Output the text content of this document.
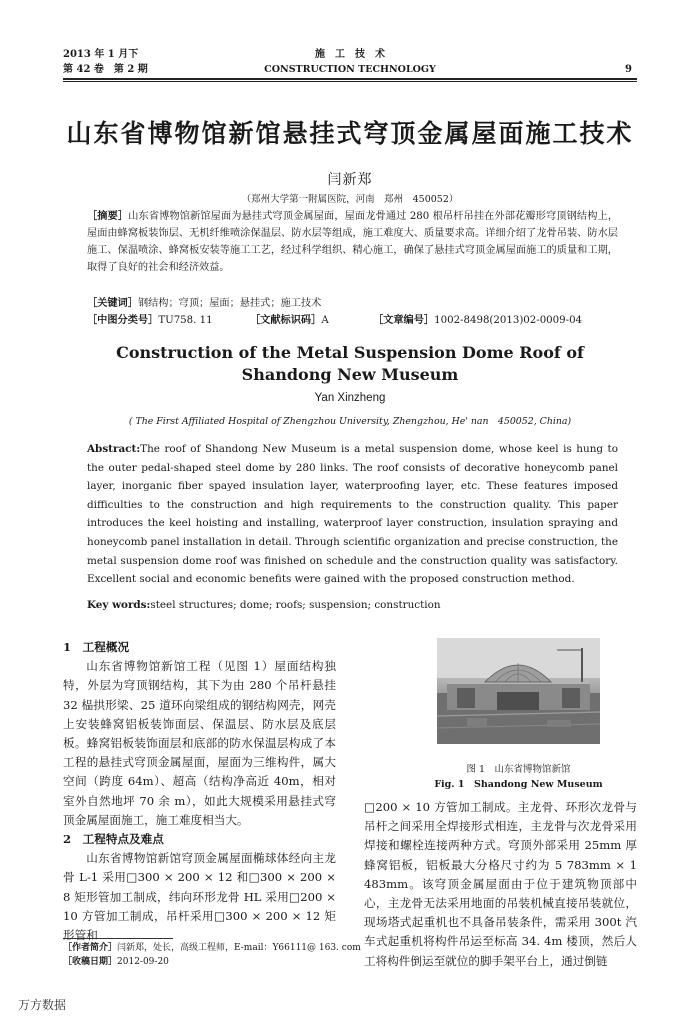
2013 年 1 月下
第 42 卷　第 2 期
施　工　技　术
CONSTRUCTION TECHNOLOGY	9
山东省博物馆新馆悬挂式穹顶金属屋面施工技术
闫新郑
（郑州大学第一附属医院，河南　郑州　450052）
［摘要］山东省博物馆新馆屋面为悬挂式穹顶金属屋面，屋面龙骨通过 280 根吊杆吊挂在外部花瓣形穹顶钢结构上，屋面由蜂窝板装饰层、无机纤维喷涂保温层、防水层等组成，施工难度大、质量要求高。详细介绍了龙骨吊装、防水层施工、保温喷涂、蜂窝板安装等施工工艺，经过科学组织、精心施工，确保了悬挂式穹顶金属屋面施工的质量和工期，取得了良好的社会和经济效益。
［关键词］钢结构；穹顶；屋面；悬挂式；施工技术
［中图分类号］TU758. 11	［文献标识码］A	［文章编号］1002-8498(2013)02-0009-04
Construction of the Metal Suspension Dome Roof of
Shandong New Museum
Yan Xinzheng
( The First Affiliated Hospital of Zhengzhou University, Zhengzhou, He' nan　450052, China)
Abstract:The roof of Shandong New Museum is a metal suspension dome, whose keel is hung to the outer pedal-shaped steel dome by 280 links. The roof consists of decorative honeycomb panel layer, inorganic fiber spayed insulation layer, waterproofing layer, etc. These features imposed difficulties to the construction and high requirements to the construction quality. This paper introduces the keel hoisting and installing, waterproof layer construction, insulation spraying and honeycomb panel installation in detail. Through scientific organization and precise construction, the metal suspension dome roof was finished on schedule and the construction quality was satisfactory. Excellent social and economic benefits were gained with the proposed construction method.
Key words:steel structures; dome; roofs; suspension; construction

1　工程概况

山东省博物馆新馆工程（见图 1）屋面结构独特，外层为穹顶钢结构，其下为由 280 个吊杆悬挂 32 榀拱形梁、25 道环向梁组成的钢结构网壳，网壳上安装蜂窝铝板装饰面层、保温层、防水层及底层板。蜂窝铝板装饰面层和底部的防水保温层构成了本工程的悬挂式穹顶金属屋面，屋面为三维构件，属大空间（跨度 64m）、超高（结构净高近 40m，相对室外自然地坪 70 余 m），如此大规模采用悬挂式穹顶金属屋面施工，施工难度相当大。

2　工程特点及难点

山东省博物馆新馆穹顶金属屋面椭球体经向主龙骨 L-1 采用□300 × 200 × 12 和□300 × 200 × 8 矩形管加工制成，纬向环形龙骨 HL 采用□200 × 10 方管加工制成，吊杆采用□300 × 200 × 12 矩形管和

［作者简介］闫新郑，处长，高级工程师，E-mail：Y66111@ 163. com
［收稿日期］2012-09-20
图 1　山东省博物馆新馆
Fig. 1　Shandong New Museum

□200 × 10 方管加工制成。主龙骨、环形次龙骨与吊杆之间采用全焊接形式相连，主龙骨与次龙骨采用焊接和螺栓连接两种方式。穹顶外部采用 25mm 厚蜂窝铝板，铝板最大分格尺寸约为 5 783mm × 1 483mm。该穹顶金属屋面由于位于建筑物顶部中心，主龙骨无法采用地面的吊装机械直接吊装就位，现场塔式起重机也不具备吊装条件，需采用 300t 汽车式起重机将构件吊运至标高 34. 4m 楼顶，然后人工将构件倒运至就位的脚手架平台上，通过倒链

万方数据
